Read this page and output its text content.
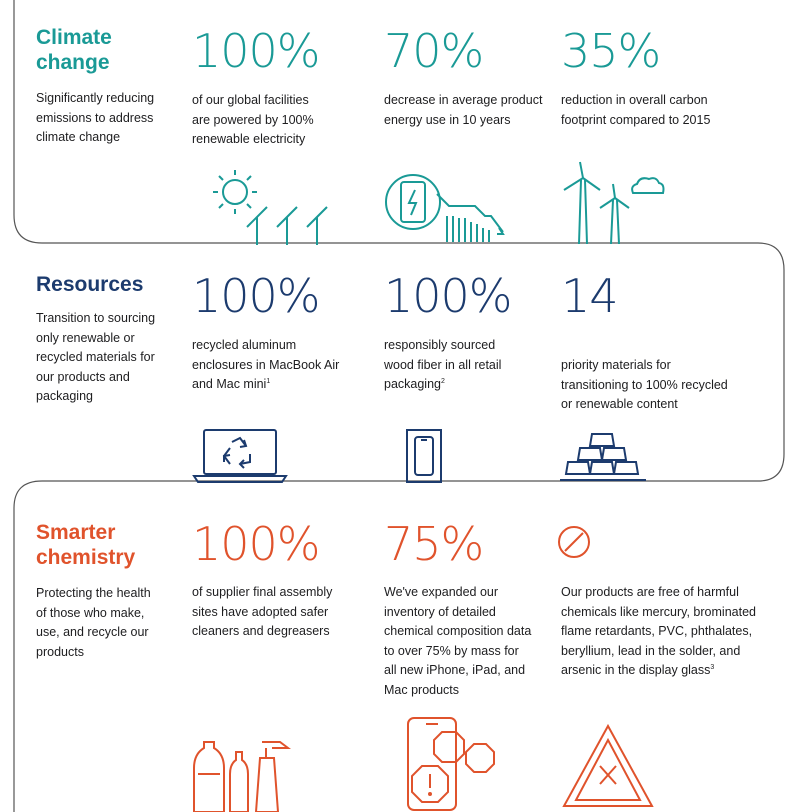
Climate change
Significantly reducing emissions to address climate change
100%
of our global facilities are powered by 100% renewable electricity
70%
decrease in average product energy use in 10 years
35%
reduction in overall carbon footprint compared to 2015
Resources
Transition to sourcing only renewable or recycled materials for our products and packaging
100%
recycled aluminum enclosures in MacBook Air and Mac mini$^1$
100%
responsibly sourced wood fiber in all retail packaging$^2$
14
priority materials for transitioning to 100% recycled or renewable content
Smarter chemistry
Protecting the health of those who make, use, and recycle our products
100%
of supplier final assembly sites have adopted safer cleaners and degreasers
75%
We've expanded our inventory of detailed chemical composition data to over 75% by mass for all new iPhone, iPad, and Mac products
Our products are free of harmful chemicals like mercury, brominated flame retardants, PVC, phthalates, beryllium, lead in the solder, and arsenic in the display glass$^3$
